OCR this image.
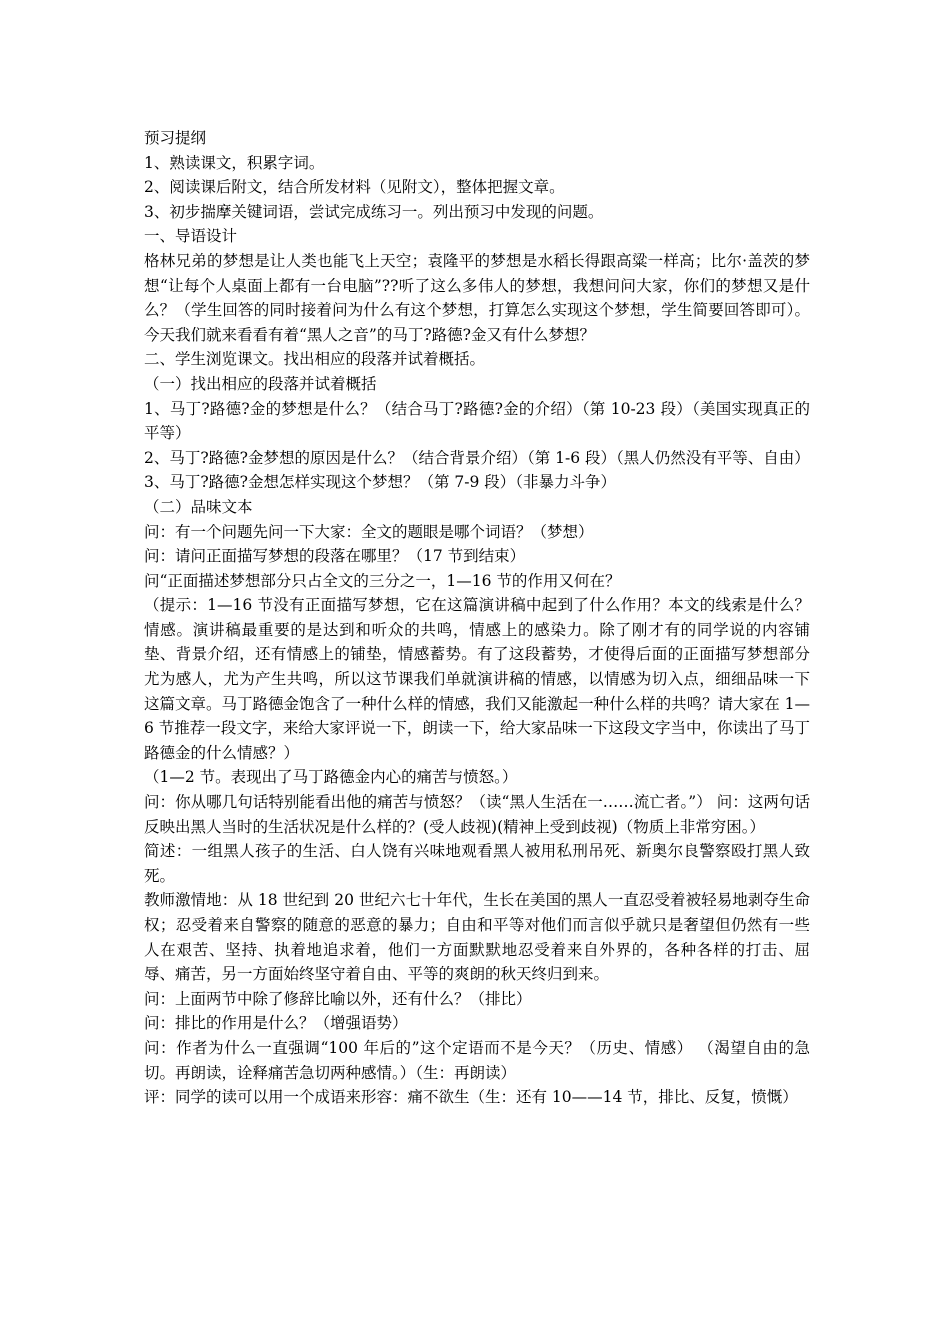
预习提纲

1、熟读课文，积累字词。

2、阅读课后附文，结合所发材料（见附文），整体把握文章。

3、初步揣摩关键词语，尝试完成练习一。列出预习中发现的问题。

一、导语设计

格林兄弟的梦想是让人类也能飞上天空；袁隆平的梦想是水稻长得跟高粱一样高；比尔·盖茨的梦想“让每个人桌面上都有一台电脑”??听了这么多伟人的梦想，我想问问大家，你们的梦想又是什么？（学生回答的同时接着问为什么有这个梦想，打算怎么实现这个梦想，学生简要回答即可）。今天我们就来看看有着“黑人之音”的马丁?路德?金又有什么梦想？

二、学生浏览课文。找出相应的段落并试着概括。

（一）找出相应的段落并试着概括

1、马丁?路德?金的梦想是什么？（结合马丁?路德?金的介绍）（第 10-23 段）（美国实现真正的平等）

2、马丁?路德?金梦想的原因是什么？（结合背景介绍）（第 1-6 段）（黑人仍然没有平等、自由）

3、马丁?路德?金想怎样实现这个梦想？（第 7-9 段）（非暴力斗争）

（二）品味文本

问：有一个问题先问一下大家：全文的题眼是哪个词语？（梦想）

问：请问正面描写梦想的段落在哪里？（17 节到结束）

问“正面描述梦想部分只占全文的三分之一，1—16 节的作用又何在？

（提示：1—16 节没有正面描写梦想，它在这篇演讲稿中起到了什么作用？本文的线索是什么？情感。演讲稿最重要的是达到和听众的共鸣，情感上的感染力。除了刚才有的同学说的内容铺垫、背景介绍，还有情感上的铺垫，情感蓄势。有了这段蓄势，才使得后面的正面描写梦想部分尤为感人，尤为产生共鸣，所以这节课我们单就演讲稿的情感，以情感为切入点，细细品味一下这篇文章。马丁路德金饱含了一种什么样的情感，我们又能激起一种什么样的共鸣？请大家在 1—6 节推荐一段文字，来给大家评说一下，朗读一下，给大家品味一下这段文字当中，你读出了马丁路德金的什么情感？）

（1—2 节。表现出了马丁路德金内心的痛苦与愤怒。）

问：你从哪几句话特别能看出他的痛苦与愤怒？（读“黑人生活在一……流亡者。”） 问：这两句话反映出黑人当时的生活状况是什么样的？(受人歧视)(精神上受到歧视)（物质上非常穷困。）

简述：一组黑人孩子的生活、白人饶有兴味地观看黑人被用私刑吊死、新奥尔良警察殴打黑人致死。

教师激情地：从 18 世纪到 20 世纪六七十年代，生长在美国的黑人一直忍受着被轻易地剥夺生命权；忍受着来自警察的随意的恶意的暴力；自由和平等对他们而言似乎就只是奢望但仍然有一些人在艰苦、坚持、执着地追求着，他们一方面默默地忍受着来自外界的，各种各样的打击、屈辱、痛苦，另一方面始终坚守着自由、平等的爽朗的秋天终归到来。

问：上面两节中除了修辞比喻以外，还有什么？（排比）

问：排比的作用是什么？（增强语势）

问：作者为什么一直强调“100 年后的”这个定语而不是今天？（历史、情感） （渴望自由的急切。再朗读，诠释痛苦急切两种感情。）（生：再朗读）

评：同学的读可以用一个成语来形容：痛不欲生（生：还有 10——14 节，排比、反复，愤慨）
